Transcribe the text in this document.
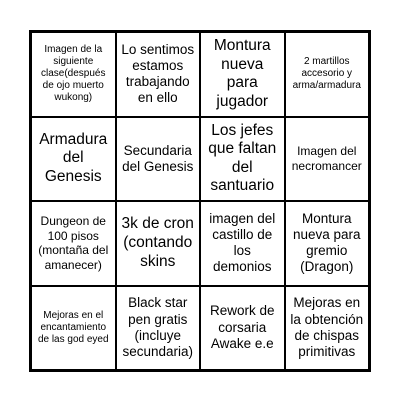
Imagen de la siguiente clase(después de ojo muerto wukong)
Lo sentimos estamos trabajando en ello
Montura nueva para jugador
2 martillos accesorio y arma/armadura
Armadura del Genesis
Secundaria del Genesis
Los jefes que faltan del santuario
Imagen del necromancer
Dungeon de 100 pisos (montaña del amanecer)
3k de cron (contando skins
imagen del castillo de los demonios
Montura nueva para gremio (Dragon)
Mejoras en el encantamiento de las god eyed
Black star pen gratis (incluye secundaria)
Rework de corsaria Awake e.e
Mejoras en la obtención de chispas primitivas
